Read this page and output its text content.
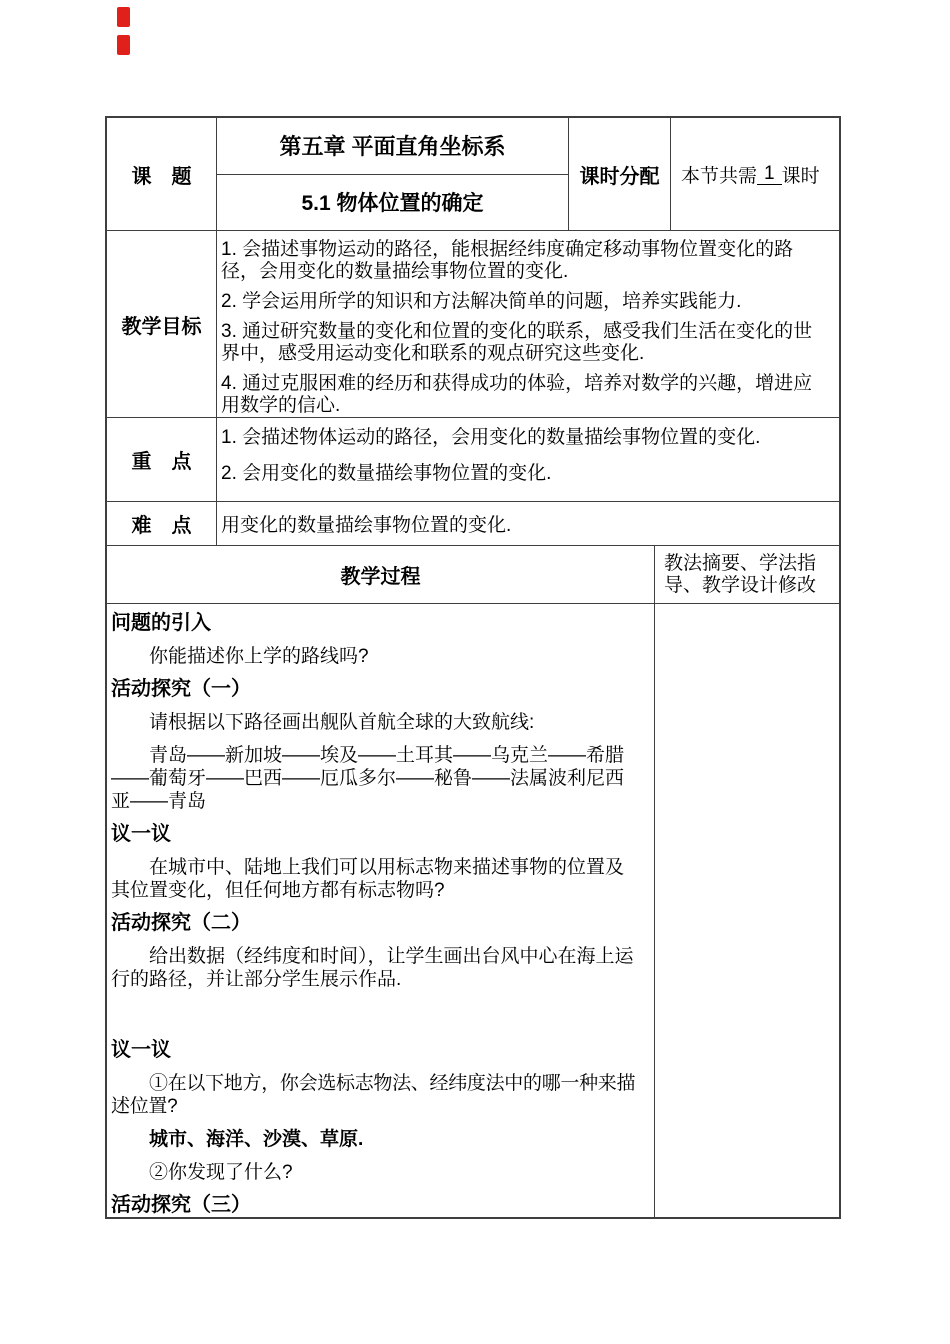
课　题
第五章 平面直角坐标系
5.1 物体位置的确定
课时分配	本节共需 1 课时
教学目标

1. 会描述事物运动的路径，能根据经纬度确定移动事物位置变化的路径，会用变化的数量描绘事物位置的变化.

2. 学会运用所学的知识和方法解决简单的问题，培养实践能力.

3. 通过研究数量的变化和位置的变化的联系，感受我们生活在变化的世界中，感受用运动变化和联系的观点研究这些变化.

4. 通过克服困难的经历和获得成功的体验，培养对数学的兴趣，增进应用数学的信心.

重　点

1. 会描述物体运动的路径，会用变化的数量描绘事物位置的变化.

2. 会用变化的数量描绘事物位置的变化.

难　点	用变化的数量描绘事物位置的变化.
教学过程
教法摘要、学法指导、教学设计修改
问题的引入

你能描述你上学的路线吗?

活动探究（一）

请根据以下路径画出舰队首航全球的大致航线:

青岛——新加坡——埃及——土耳其——乌克兰——希腊——葡萄牙——巴西——厄瓜多尔——秘鲁——法属波利尼西亚——青岛

议一议

在城市中、陆地上我们可以用标志物来描述事物的位置及其位置变化，但任何地方都有标志物吗?

活动探究（二）

给出数据（经纬度和时间），让学生画出台风中心在海上运行的路径，并让部分学生展示作品.

议一议

①在以下地方，你会选标志物法、经纬度法中的哪一种来描述位置?

城市、海洋、沙漠、草原.

②你发现了什么?

活动探究（三）
